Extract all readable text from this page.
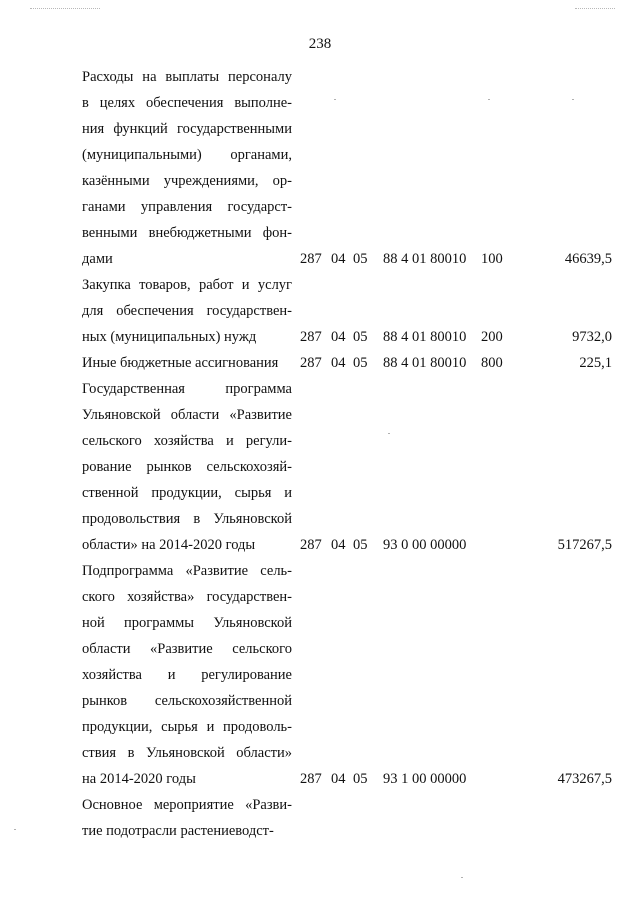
238
Расходы на выплаты персоналу
в целях обеспечения выполне-
ния функций государственными
(муниципальными) органами,
казёнными учреждениями, ор-
ганами управления государст-
венными внебюджетными фон-
дами	287 04 05	88 4 01 80010	100	46639,5
Закупка товаров, работ и услуг
для обеспечения государствен-
ных (муниципальных) нужд	287 04 05	88 4 01 80010	200	9732,0
Иные бюджетные ассигнования	287 04 05	88 4 01 80010	800	225,1
Государственная программа
Ульяновской области «Развитие
сельского хозяйства и регули-
рование рынков сельскохозяй-
ственной продукции, сырья и
продовольствия в Ульяновской
области» на 2014-2020 годы	287 04 05	93 0 00 00000	517267,5
Подпрограмма «Развитие сель-
ского хозяйства» государствен-
ной программы Ульяновской
области «Развитие сельского
хозяйства и регулирование
рынков сельскохозяйственной
продукции, сырья и продоволь-
ствия в Ульяновской области»
на 2014-2020 годы	287 04 05	93 1 00 00000	473267,5
Основное мероприятие «Разви-
тие подотрасли растениеводст-
